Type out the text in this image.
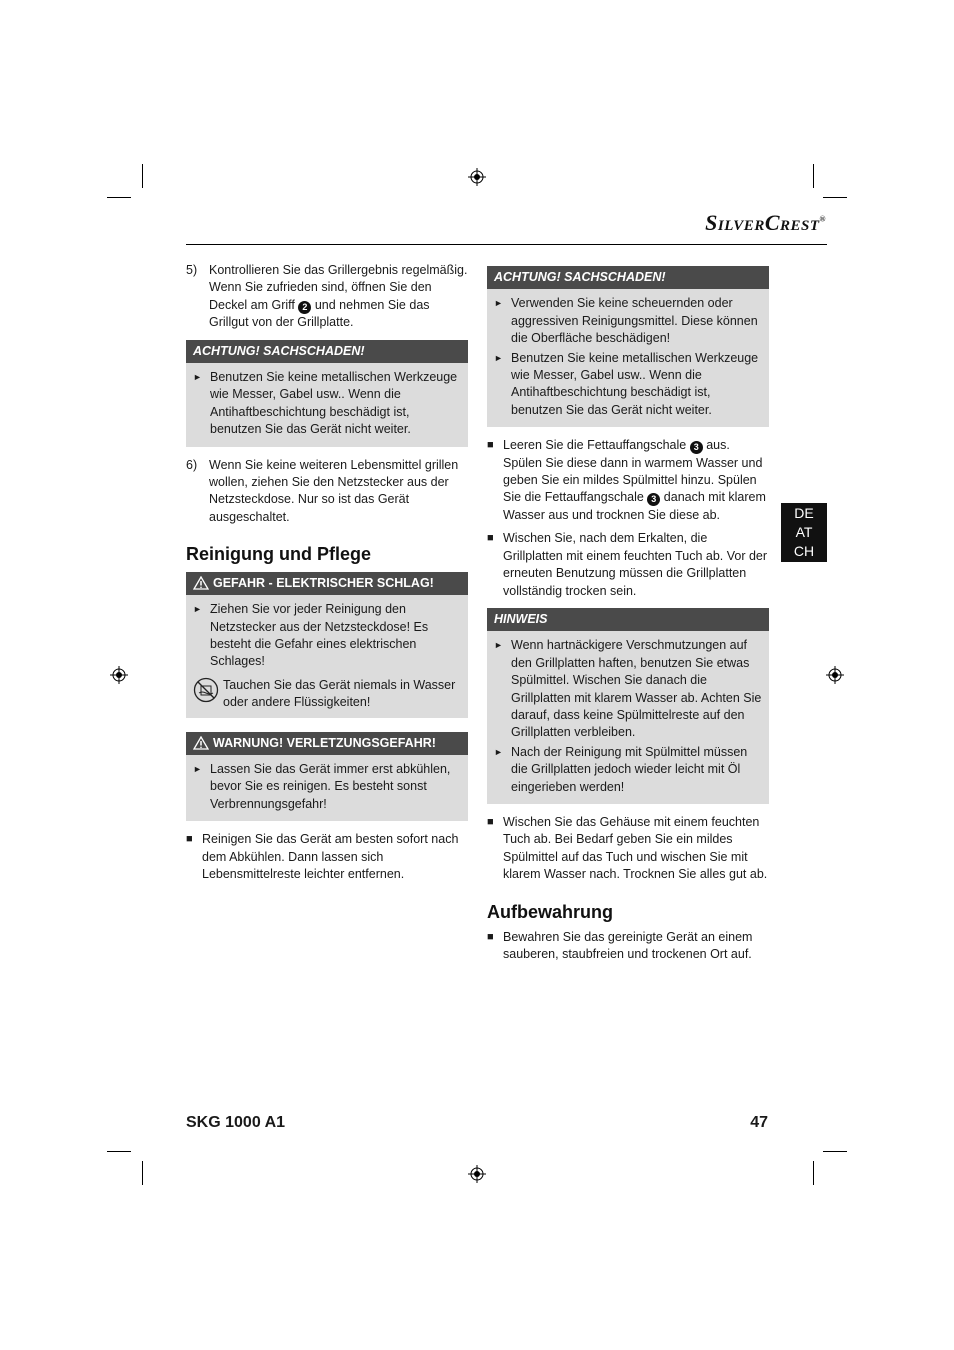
SilverCrest®
5) Kontrollieren Sie das Grillergebnis regelmäßig. Wenn Sie zufrieden sind, öffnen Sie den Deckel am Griff 2 und nehmen Sie das Grillgut von der Grillplatte.
ACHTUNG! SACHSCHADEN!
► Benutzen Sie keine metallischen Werkzeuge wie Messer, Gabel usw.. Wenn die Antihaftbeschichtung beschädigt ist, benutzen Sie das Gerät nicht weiter.
6) Wenn Sie keine weiteren Lebensmittel grillen wollen, ziehen Sie den Netzstecker aus der Netzsteckdose. Nur so ist das Gerät ausgeschaltet.
Reinigung und Pflege
GEFAHR - ELEKTRISCHER SCHLAG!
► Ziehen Sie vor jeder Reinigung den Netzstecker aus der Netzsteckdose! Es besteht die Gefahr eines elektrischen Schlages!
Tauchen Sie das Gerät niemals in Wasser oder andere Flüssigkeiten!
WARNUNG! VERLETZUNGSGEFAHR!
► Lassen Sie das Gerät immer erst abkühlen, bevor Sie es reinigen. Es besteht sonst Verbrennungsgefahr!
■ Reinigen Sie das Gerät am besten sofort nach dem Abkühlen. Dann lassen sich Lebensmittelreste leichter entfernen.
ACHTUNG! SACHSCHADEN!
► Verwenden Sie keine scheuernden oder aggressiven Reinigungsmittel. Diese können die Oberfläche beschädigen!
► Benutzen Sie keine metallischen Werkzeuge wie Messer, Gabel usw.. Wenn die Antihaftbeschichtung beschädigt ist, benutzen Sie das Gerät nicht weiter.
■ Leeren Sie die Fettauffangschale 3 aus. Spülen Sie diese dann in warmem Wasser und geben Sie ein mildes Spülmittel hinzu. Spülen Sie die Fettauffangschale 3 danach mit klarem Wasser aus und trocknen Sie diese ab.
■ Wischen Sie, nach dem Erkalten, die Grillplatten mit einem feuchten Tuch ab. Vor der erneuten Benutzung müssen die Grillplatten vollständig trocken sein.
HINWEIS
► Wenn hartnäckigere Verschmutzungen auf den Grillplatten haften, benutzen Sie etwas Spülmittel. Wischen Sie danach die Grillplatten mit klarem Wasser ab. Achten Sie darauf, dass keine Spülmittelreste auf den Grillplatten verbleiben.
► Nach der Reinigung mit Spülmittel müssen die Grillplatten jedoch wieder leicht mit Öl eingerieben werden!
■ Wischen Sie das Gehäuse mit einem feuchten Tuch ab. Bei Bedarf geben Sie ein mildes Spülmittel auf das Tuch und wischen Sie mit klarem Wasser nach. Trocknen Sie alles gut ab.
Aufbewahrung
■ Bewahren Sie das gereinigte Gerät an einem sauberen, staubfreien und trockenen Ort auf.
DE
AT
CH
SKG 1000 A1	47
